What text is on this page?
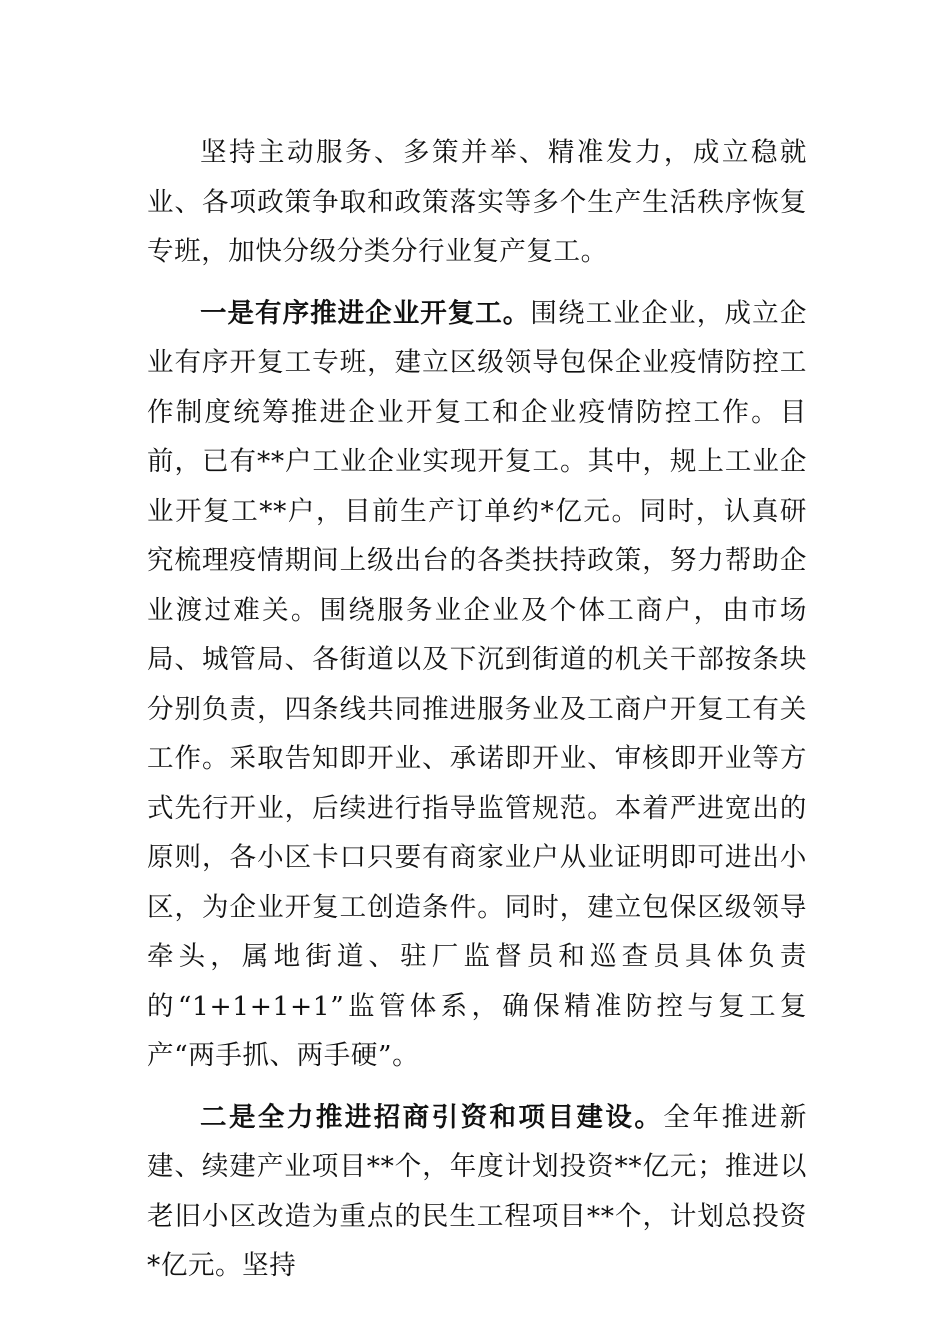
坚持主动服务、多策并举、精准发力，成立稳就业、各项政策争取和政策落实等多个生产生活秩序恢复专班，加快分级分类分行业复产复工。

一是有序推进企业开复工。围绕工业企业，成立企业有序开复工专班，建立区级领导包保企业疫情防控工作制度统筹推进企业开复工和企业疫情防控工作。目前，已有**户工业企业实现开复工。其中，规上工业企业开复工**户，目前生产订单约*亿元。同时，认真研究梳理疫情期间上级出台的各类扶持政策，努力帮助企业渡过难关。围绕服务业企业及个体工商户，由市场局、城管局、各街道以及下沉到街道的机关干部按条块分别负责，四条线共同推进服务业及工商户开复工有关工作。采取告知即开业、承诺即开业、审核即开业等方式先行开业，后续进行指导监管规范。本着严进宽出的原则，各小区卡口只要有商家业户从业证明即可进出小区，为企业开复工创造条件。同时，建立包保区级领导牵头，属地街道、驻厂监督员和巡查员具体负责的“1+1+1+1”监管体系，确保精准防控与复工复产“两手抓、两手硬”。

二是全力推进招商引资和项目建设。全年推进新建、续建产业项目**个，年度计划投资**亿元；推进以老旧小区改造为重点的民生工程项目**个，计划总投资*亿元。坚持
